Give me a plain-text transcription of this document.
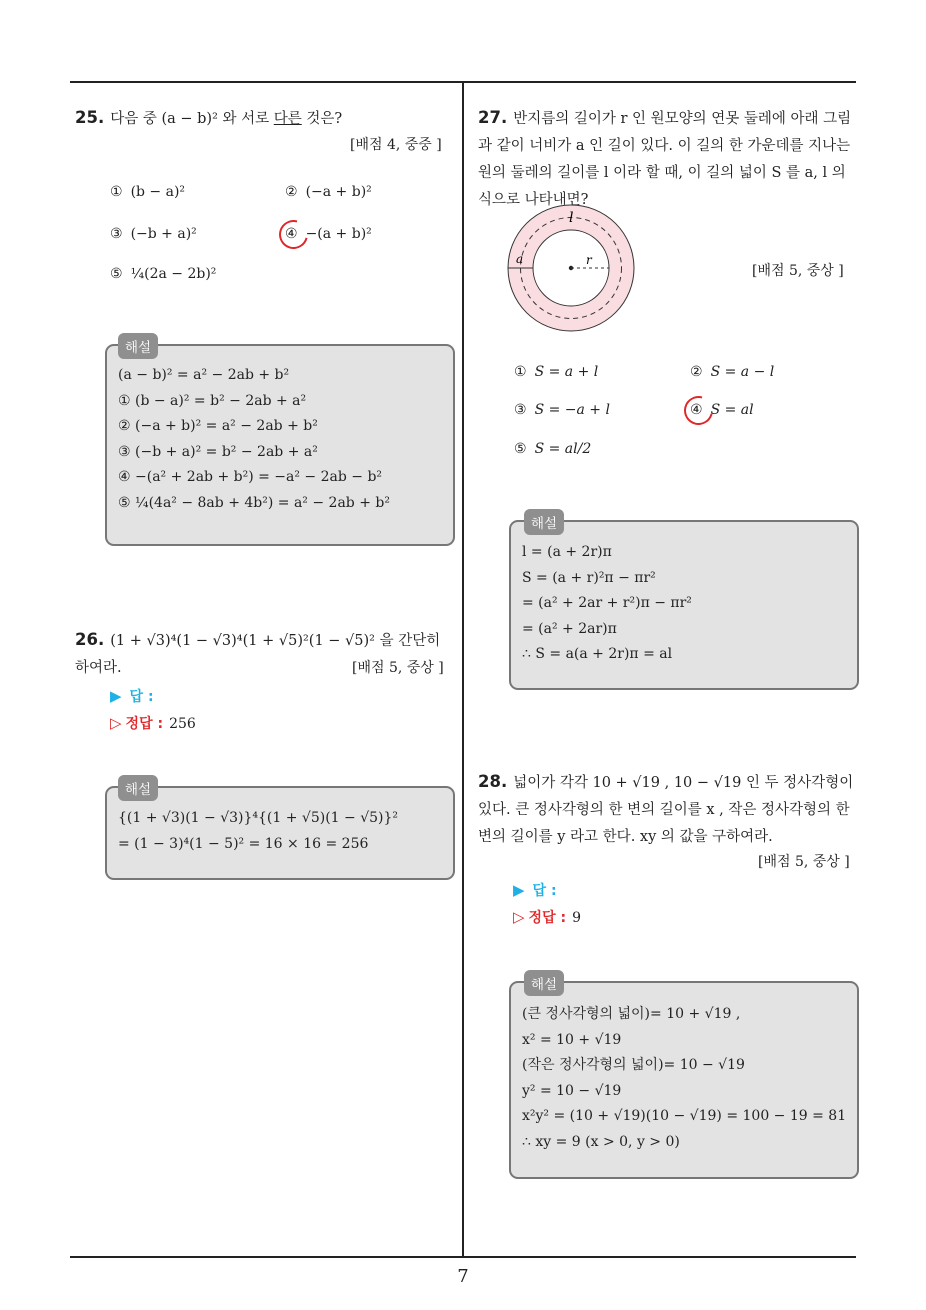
7
25. 다음 중 (a − b)² 와 서로 다른 것은?
[배점 4, 중중 ]
① (b − a)²	② (−a + b)²
③ (−b + a)²	④ −(a + b)²
⑤ ¼(2a − 2b)²
해설
(a − b)² = a² − 2ab + b²
① (b − a)² = b² − 2ab + a²
② (−a + b)² = a² − 2ab + b²
③ (−b + a)² = b² − 2ab + a²
④ −(a² + 2ab + b²) = −a² − 2ab − b²
⑤ ¼(4a² − 8ab + 4b²) = a² − 2ab + b²
26. (1 + √3)⁴(1 − √3)⁴(1 + √5)²(1 − √5)² 을 간단히 하여라.	[배점 5, 중상 ]
▶ 답 :
▷ 정답 : 256
해설
{(1 + √3)(1 − √3)}⁴{(1 + √5)(1 − √5)}²
= (1 − 3)⁴(1 − 5)² = 16 × 16 = 256
27. 반지름의 길이가 r 인 원모양의 연못 둘레에 아래 그림과 같이 너비가 a 인 길이 있다. 이 길의 한 가운데를 지나는 원의 둘레의 길이를 l 이라 할 때, 이 길의 넓이 S 를 a, l 의 식으로 나타내면?
l
a	r
[배점 5, 중상 ]
① S = a + l	② S = a − l
③ S = −a + l	④ S = al
⑤ S = al/2
해설
l = (a + 2r)π
S = (a + r)²π − πr²
= (a² + 2ar + r²)π − πr²
= (a² + 2ar)π
∴ S = a(a + 2r)π = al
28. 넓이가 각각 10 + √19 , 10 − √19 인 두 정사각형이 있다. 큰 정사각형의 한 변의 길이를 x , 작은 정사각형의 한 변의 길이를 y 라고 한다. xy 의 값을 구하여라.
[배점 5, 중상 ]
▶ 답 :
▷ 정답 : 9
해설
(큰 정사각형의 넓이)= 10 + √19 ,
x² = 10 + √19
(작은 정사각형의 넓이)= 10 − √19
y² = 10 − √19
x²y² = (10 + √19)(10 − √19) = 100 − 19 = 81
∴ xy = 9 (x > 0, y > 0)
